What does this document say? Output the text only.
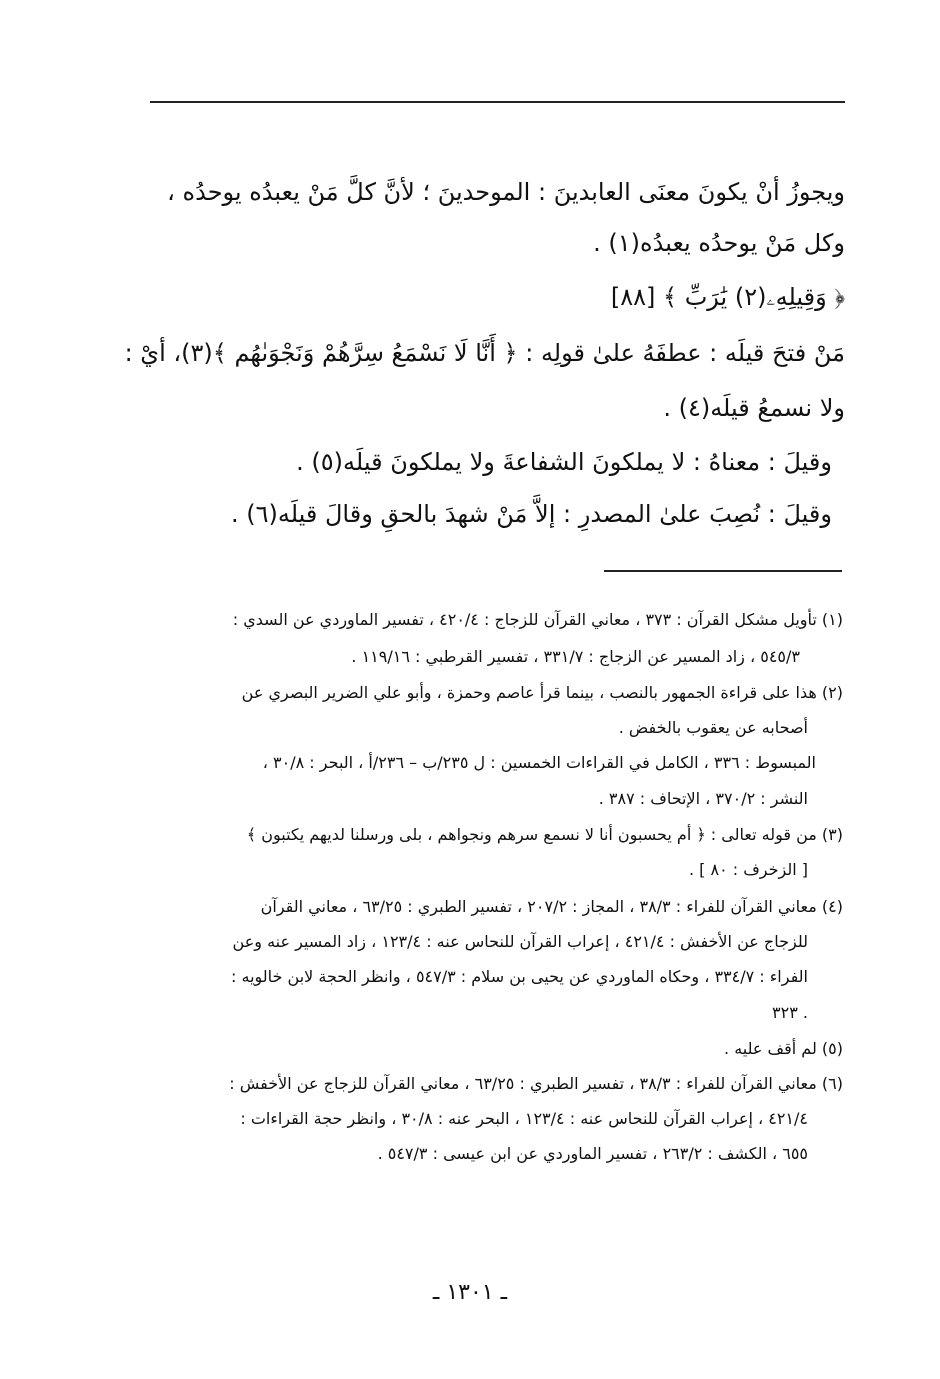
ويجوزُ أنْ يكونَ معنَى العابدينَ : الموحدينَ ؛ لأنَّ كلَّ مَنْ يعبدُه يوحدُه ،
وكل مَنْ يوحدُه يعبدُه(١) .
﴿ وَقِيلِهِۦ(٢) يَٰرَبِّ ﴾ [٨٨]
مَنْ فتحَ قيلَه : عطفَهُ علىٰ قولِه : ﴿ أَنَّا لَا نَسْمَعُ سِرَّهُمْ وَنَجْوَىٰهُم ﴾(٣)، أيْ :
ولا نسمعُ قيلَه(٤) .
وقيلَ : معناهُ : لا يملكونَ الشفاعةَ ولا يملكونَ قيلَه(٥) .
وقيلَ : نُصِبَ علىٰ المصدرِ : إلاَّ مَنْ شهدَ بالحقِ وقالَ قيلَه(٦) .
(١) تأويل مشكل القرآن : ٣٧٣ ، معاني القرآن للزجاج : ٤٢٠/٤ ، تفسير الماوردي عن السدي :
٥٤٥/٣ ، زاد المسير عن الزجاج : ٣٣١/٧ ، تفسير القرطبي : ١١٩/١٦ .
(٢) هذا على قراءة الجمهور بالنصب ، بينما قرأ عاصم وحمزة ، وأبو علي الضرير البصري عن
أصحابه عن يعقوب بالخفض .
المبسوط : ٣٣٦ ، الكامل في القراءات الخمسين : ل ٢٣٥/ب – ٢٣٦/أ ، البحر : ٣٠/٨ ،
النشر : ٣٧٠/٢ ، الإتحاف : ٣٨٧ .
(٣) من قوله تعالى : ﴿ أم يحسبون أنا لا نسمع سرهم ونجواهم ، بلى ورسلنا لديهم يكتبون ﴾
[ الزخرف : ٨٠ ] .
(٤) معاني القرآن للفراء : ٣٨/٣ ، المجاز : ٢٠٧/٢ ، تفسير الطبري : ٦٣/٢٥ ، معاني القرآن
للزجاج عن الأخفش : ٤٢١/٤ ، إعراب القرآن للنحاس عنه : ١٢٣/٤ ، زاد المسير عنه وعن
الفراء : ٣٣٤/٧ ، وحكاه الماوردي عن يحيى بن سلام : ٥٤٧/٣ ، وانظر الحجة لابن خالويه :
٣٢٣ .
(٥) لم أقف عليه .
(٦) معاني القرآن للفراء : ٣٨/٣ ، تفسير الطبري : ٦٣/٢٥ ، معاني القرآن للزجاج عن الأخفش :
٤٢١/٤ ، إعراب القرآن للنحاس عنه : ١٢٣/٤ ، البحر عنه : ٣٠/٨ ، وانظر حجة القراءات :
٦٥٥ ، الكشف : ٢٦٣/٢ ، تفسير الماوردي عن ابن عيسى : ٥٤٧/٣ .
ـ ١٣٠١ ـ
